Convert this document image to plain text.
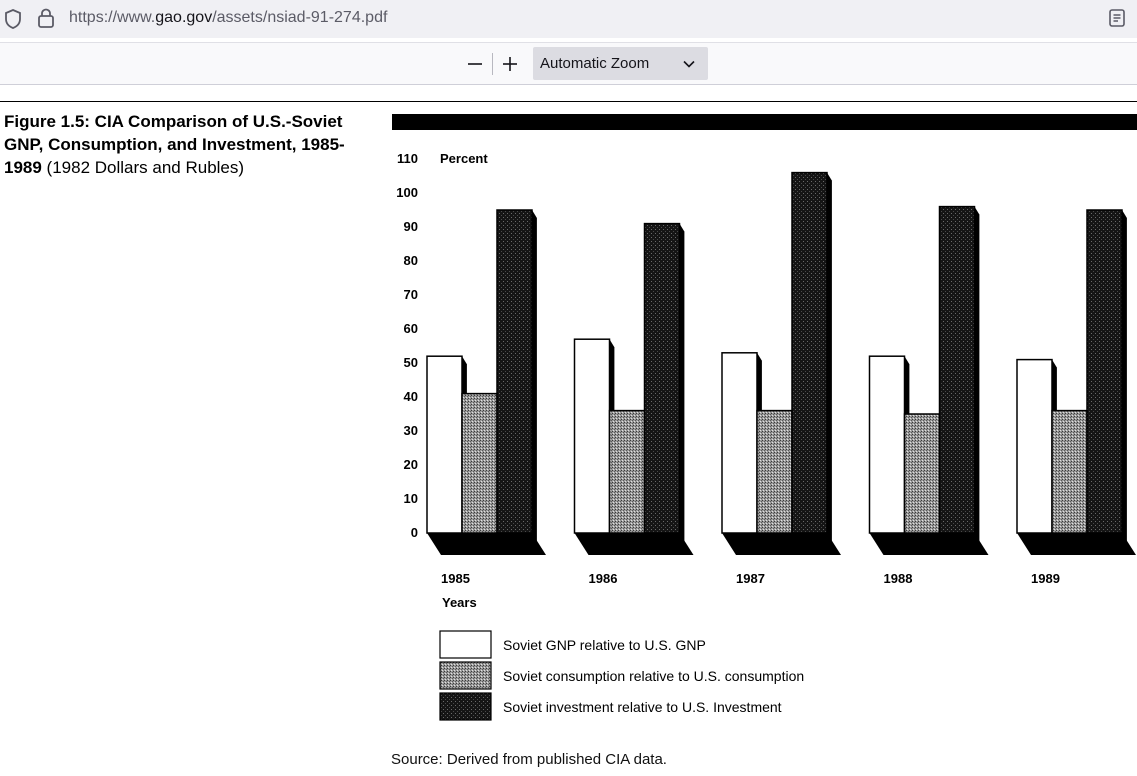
https://www.gao.gov/assets/nsiad-91-274.pdf
Automatic Zoom
Figure 1.5: CIA Comparison of U.S.-Soviet GNP, Consumption, and Investment, 1985-1989 (1982 Dollars and Rubles)
0
10
20
30
40
50
60
70
80
90
100
110 Percent
1985	1986	1987	1988	1989
Years
Soviet GNP relative to U.S. GNP
Soviet consumption relative to U.S. consumption
Soviet investment relative to U.S. Investment
Source: Derived from published CIA data.
